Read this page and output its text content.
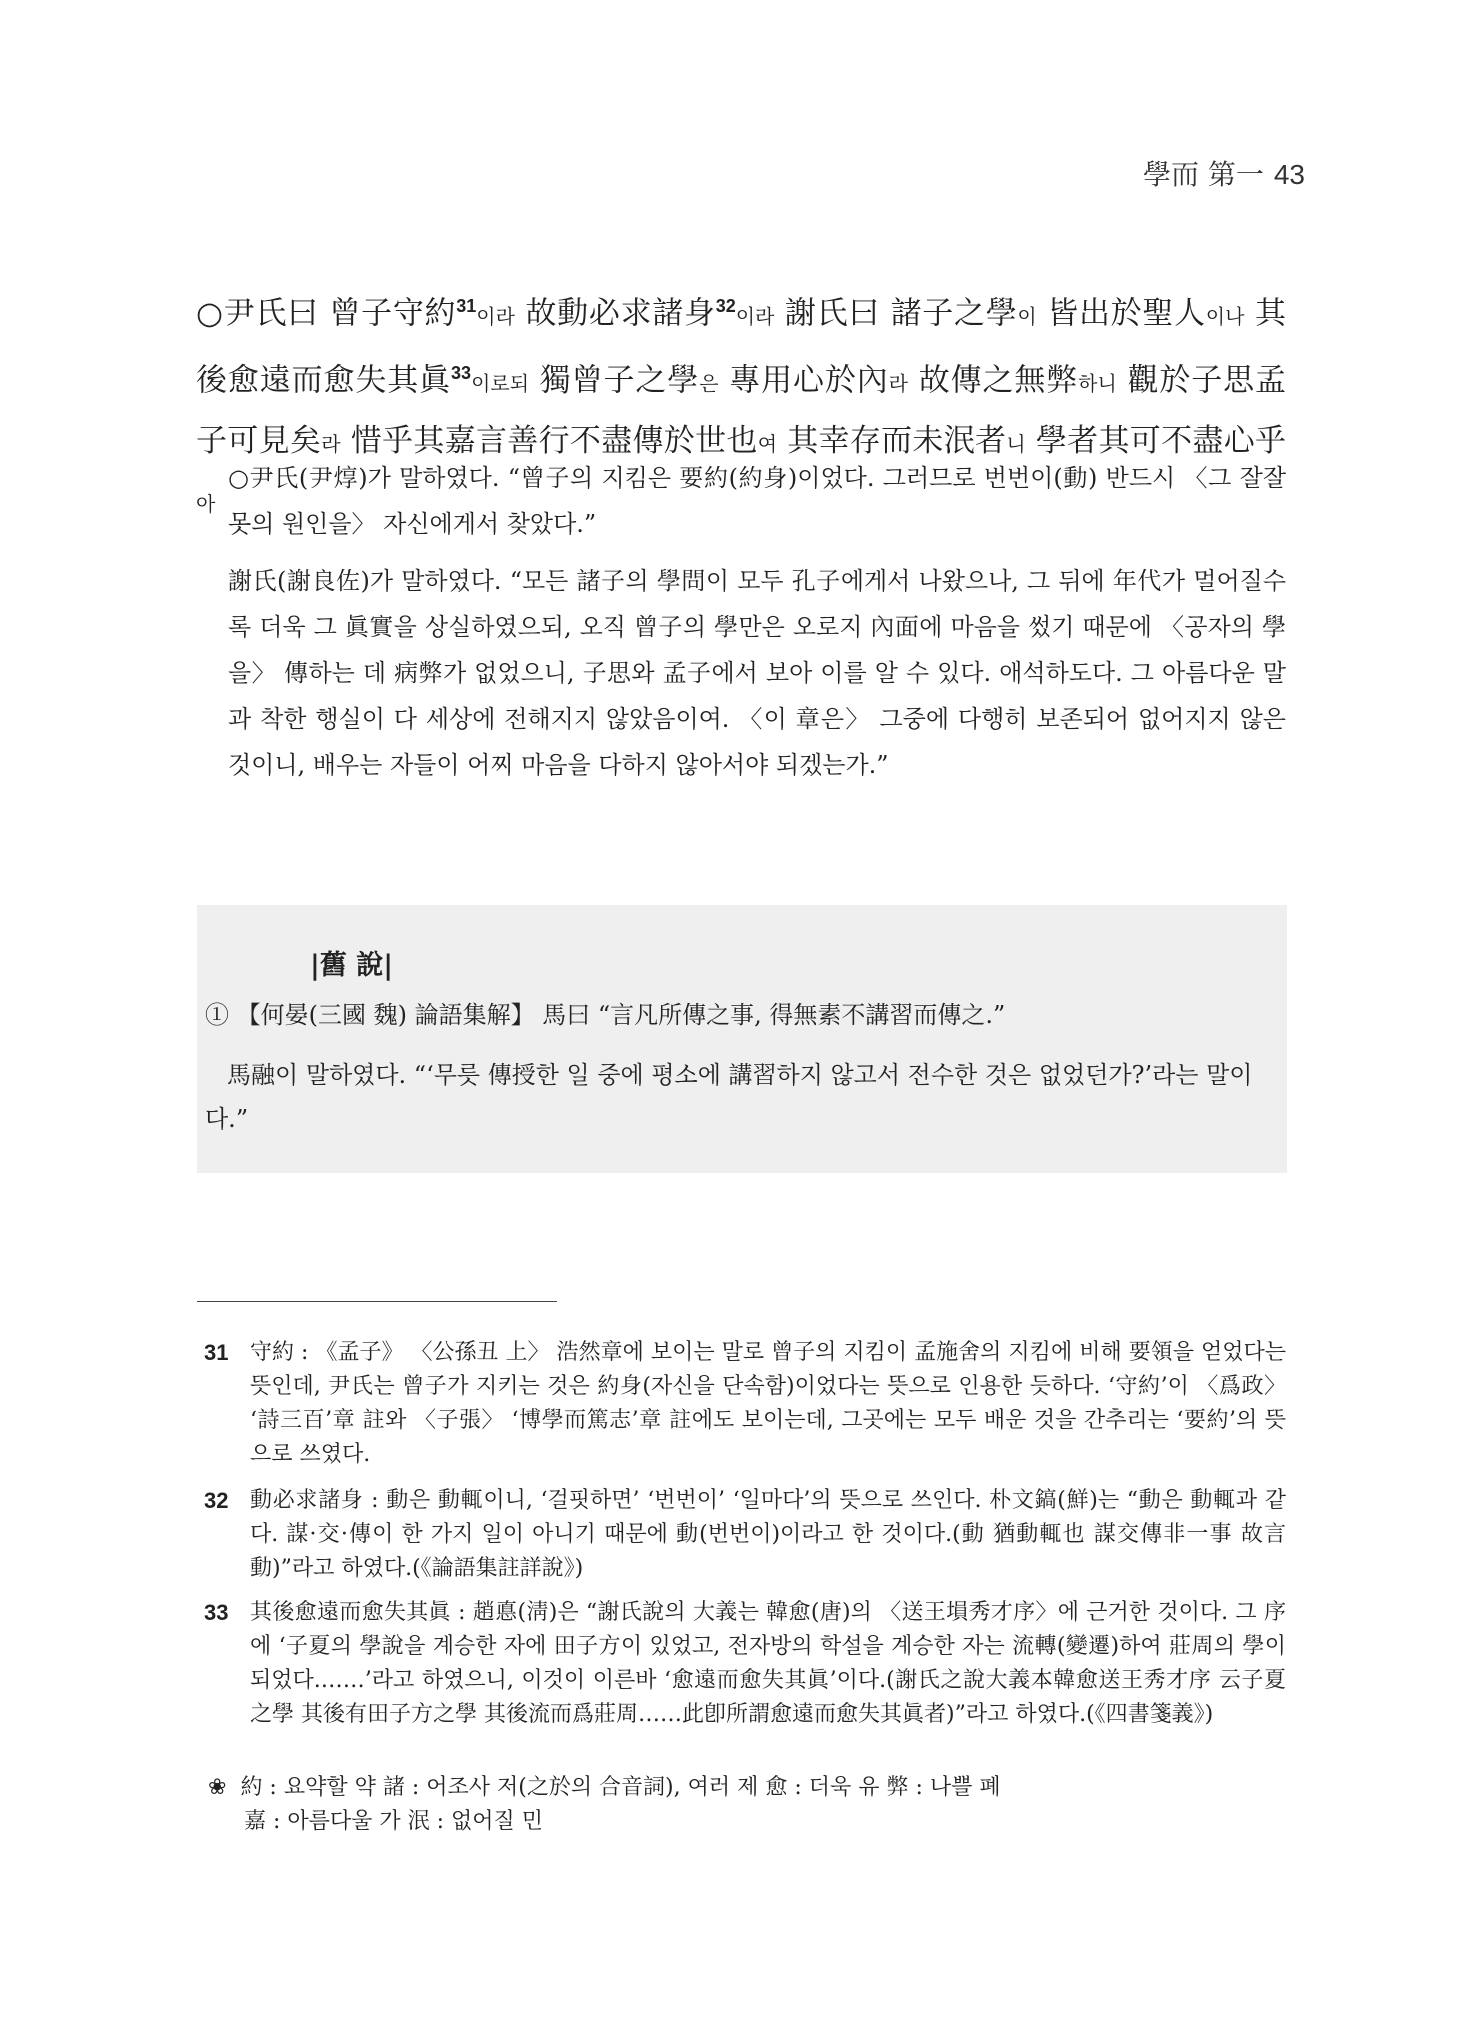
學而 第一 43
○尹氏曰 曾子守約$^{31}$이라 故動必求諸身$^{32}$이라 謝氏曰 諸子之學이 皆出於聖人이나 其後愈遠而愈失其眞$^{33}$이로되 獨曾子之學은 專用心於內라 故傳之無弊하니 觀於子思孟子可見矣라 惜乎其嘉言善行不盡傳於世也여 其幸存而未泯者니 學者其可不盡心乎아
○尹氏(尹焞)가 말하였다. “曾子의 지킴은 要約(約身)이었다. 그러므로 번번이(動) 반드시 〈그 잘잘못의 원인을〉 자신에게서 찾았다.”
謝氏(謝良佐)가 말하였다. “모든 諸子의 學問이 모두 孔子에게서 나왔으나, 그 뒤에 年代가 멀어질수록 더욱 그 眞實을 상실하였으되, 오직 曾子의 學만은 오로지 內面에 마음을 썼기 때문에 〈공자의 學을〉 傳하는 데 病弊가 없었으니, 子思와 孟子에서 보아 이를 알 수 있다. 애석하도다. 그 아름다운 말과 착한 행실이 다 세상에 전해지지 않았음이여. 〈이 章은〉 그중에 다행히 보존되어 없어지지 않은 것이니, 배우는 자들이 어찌 마음을 다하지 않아서야 되겠는가.”
|舊 說|
① 【何晏(三國 魏) 論語集解】 馬曰 “言凡所傳之事, 得無素不講習而傳之.”
馬融이 말하였다. “‘무릇 傳授한 일 중에 평소에 講習하지 않고서 전수한 것은 없었던가?’라는 말이다.”
31 守約 : 《孟子》 〈公孫丑 上〉 浩然章에 보이는 말로 曾子의 지킴이 孟施舍의 지킴에 비해 要領을 얻었다는 뜻인데, 尹氏는 曾子가 지키는 것은 約身(자신을 단속함)이었다는 뜻으로 인용한 듯하다. ‘守約’이 〈爲政〉 ‘詩三百’章 註와 〈子張〉 ‘博學而篤志’章 註에도 보이는데, 그곳에는 모두 배운 것을 간추리는 ‘要約’의 뜻으로 쓰였다.
32 動必求諸身 : 動은 動輒이니, ‘걸핏하면’ ‘번번이’ ‘일마다’의 뜻으로 쓰인다. 朴文鎬(鮮)는 “動은 動輒과 같다. 謀·交·傳이 한 가지 일이 아니기 때문에 動(번번이)이라고 한 것이다.(動 猶動輒也 謀交傳非一事 故言動)”라고 하였다.(《論語集註詳說》)
33 其後愈遠而愈失其眞 : 趙悳(淸)은 “謝氏說의 大義는 韓愈(唐)의 〈送王塤秀才序〉에 근거한 것이다. 그 序에 ‘子夏의 學說을 계승한 자에 田子方이 있었고, 전자방의 학설을 계승한 자는 流轉(變遷)하여 莊周의 學이 되었다.……’라고 하였으니, 이것이 이른바 ‘愈遠而愈失其眞’이다.(謝氏之說大義本韓愈送王秀才序 云子夏之學 其後有田子方之學 其後流而爲莊周……此卽所謂愈遠而愈失其眞者)”라고 하였다.(《四書箋義》)
❀ 約 : 요약할 약 諸 : 어조사 저(之於의 合音詞), 여러 제 愈 : 더욱 유 弊 : 나쁠 폐
嘉 : 아름다울 가 泯 : 없어질 민
